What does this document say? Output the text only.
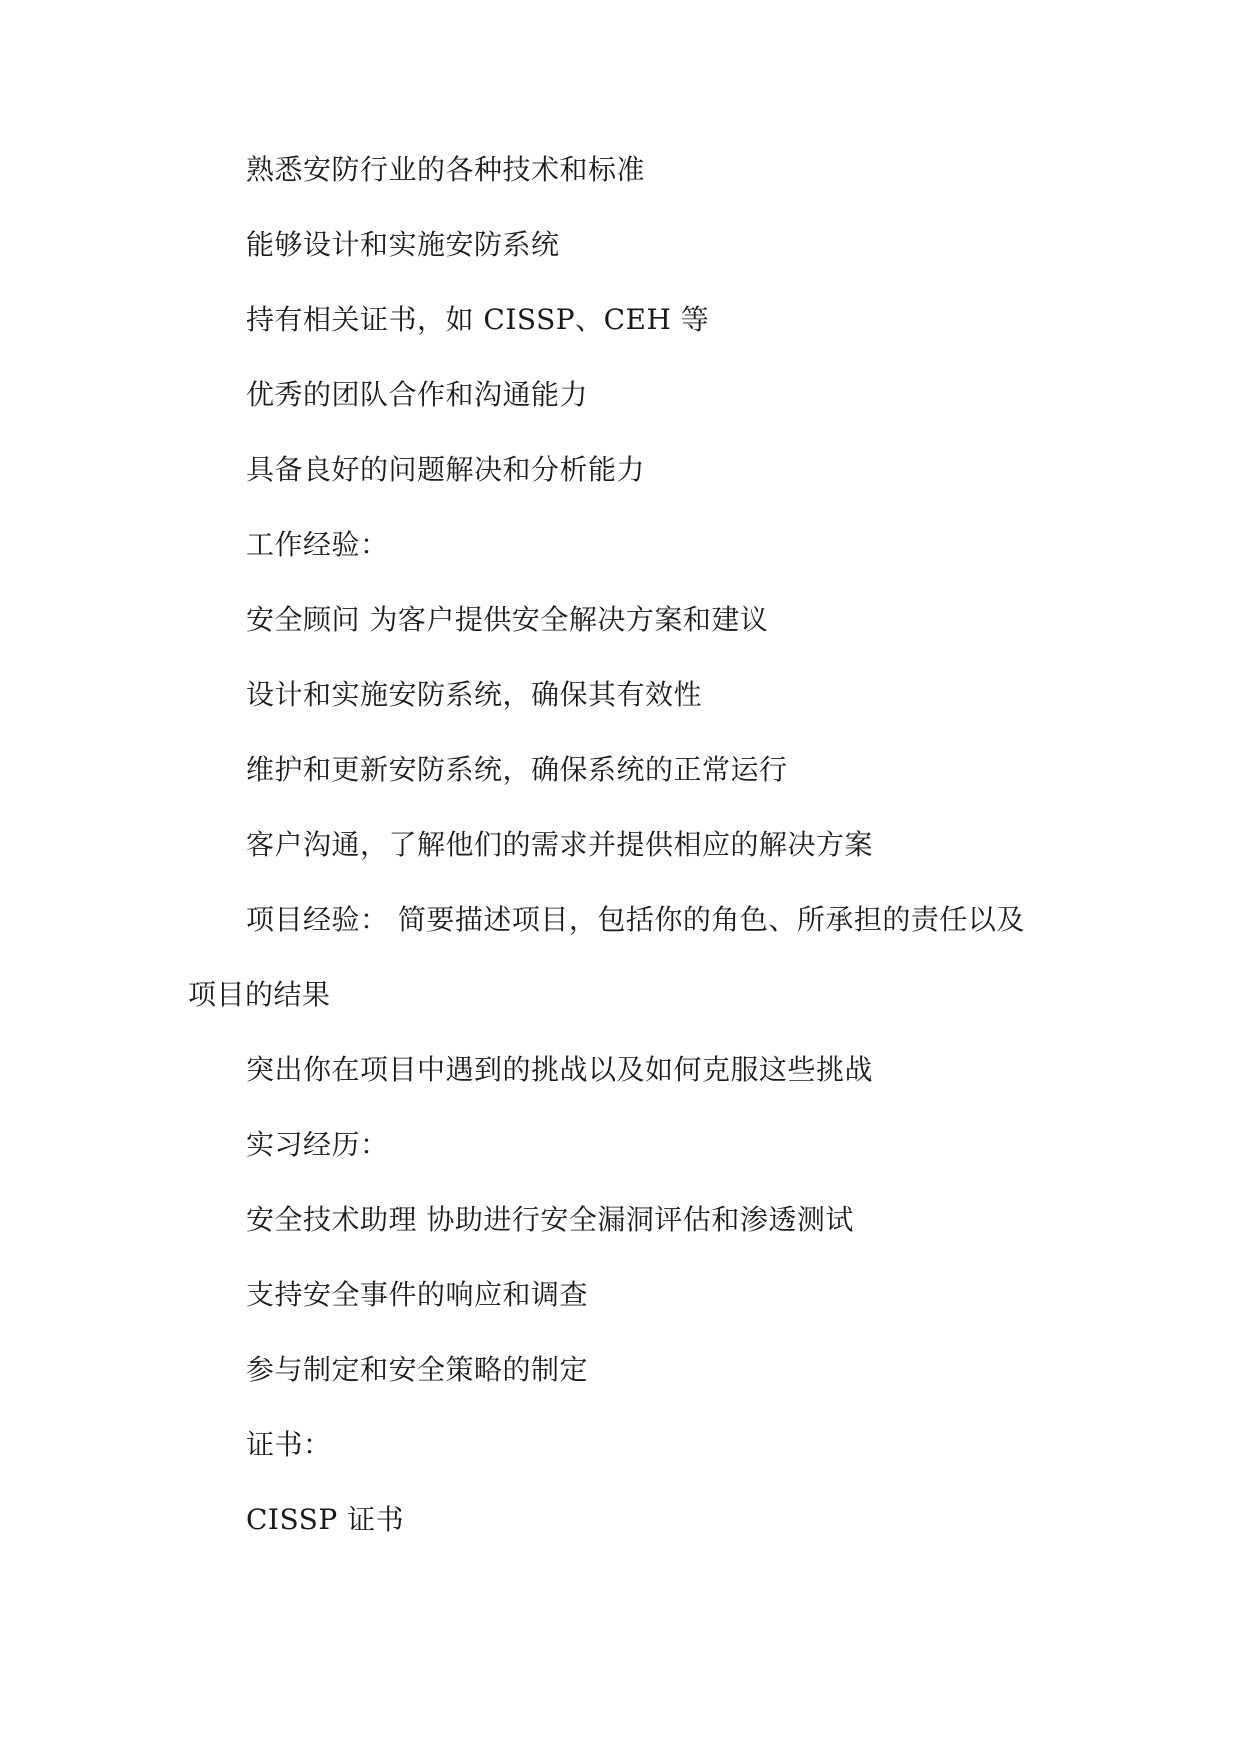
熟悉安防行业的各种技术和标准
能够设计和实施安防系统
持有相关证书，如 CISSP、CEH 等
优秀的团队合作和沟通能力
具备良好的问题解决和分析能力
工作经验：
安全顾问 为客户提供安全解决方案和建议
设计和实施安防系统，确保其有效性
维护和更新安防系统，确保系统的正常运行
客户沟通，了解他们的需求并提供相应的解决方案
项目经验： 简要描述项目，包括你的角色、所承担的责任以及
项目的结果
突出你在项目中遇到的挑战以及如何克服这些挑战
实习经历：
安全技术助理 协助进行安全漏洞评估和渗透测试
支持安全事件的响应和调查
参与制定和安全策略的制定
证书：
CISSP 证书
